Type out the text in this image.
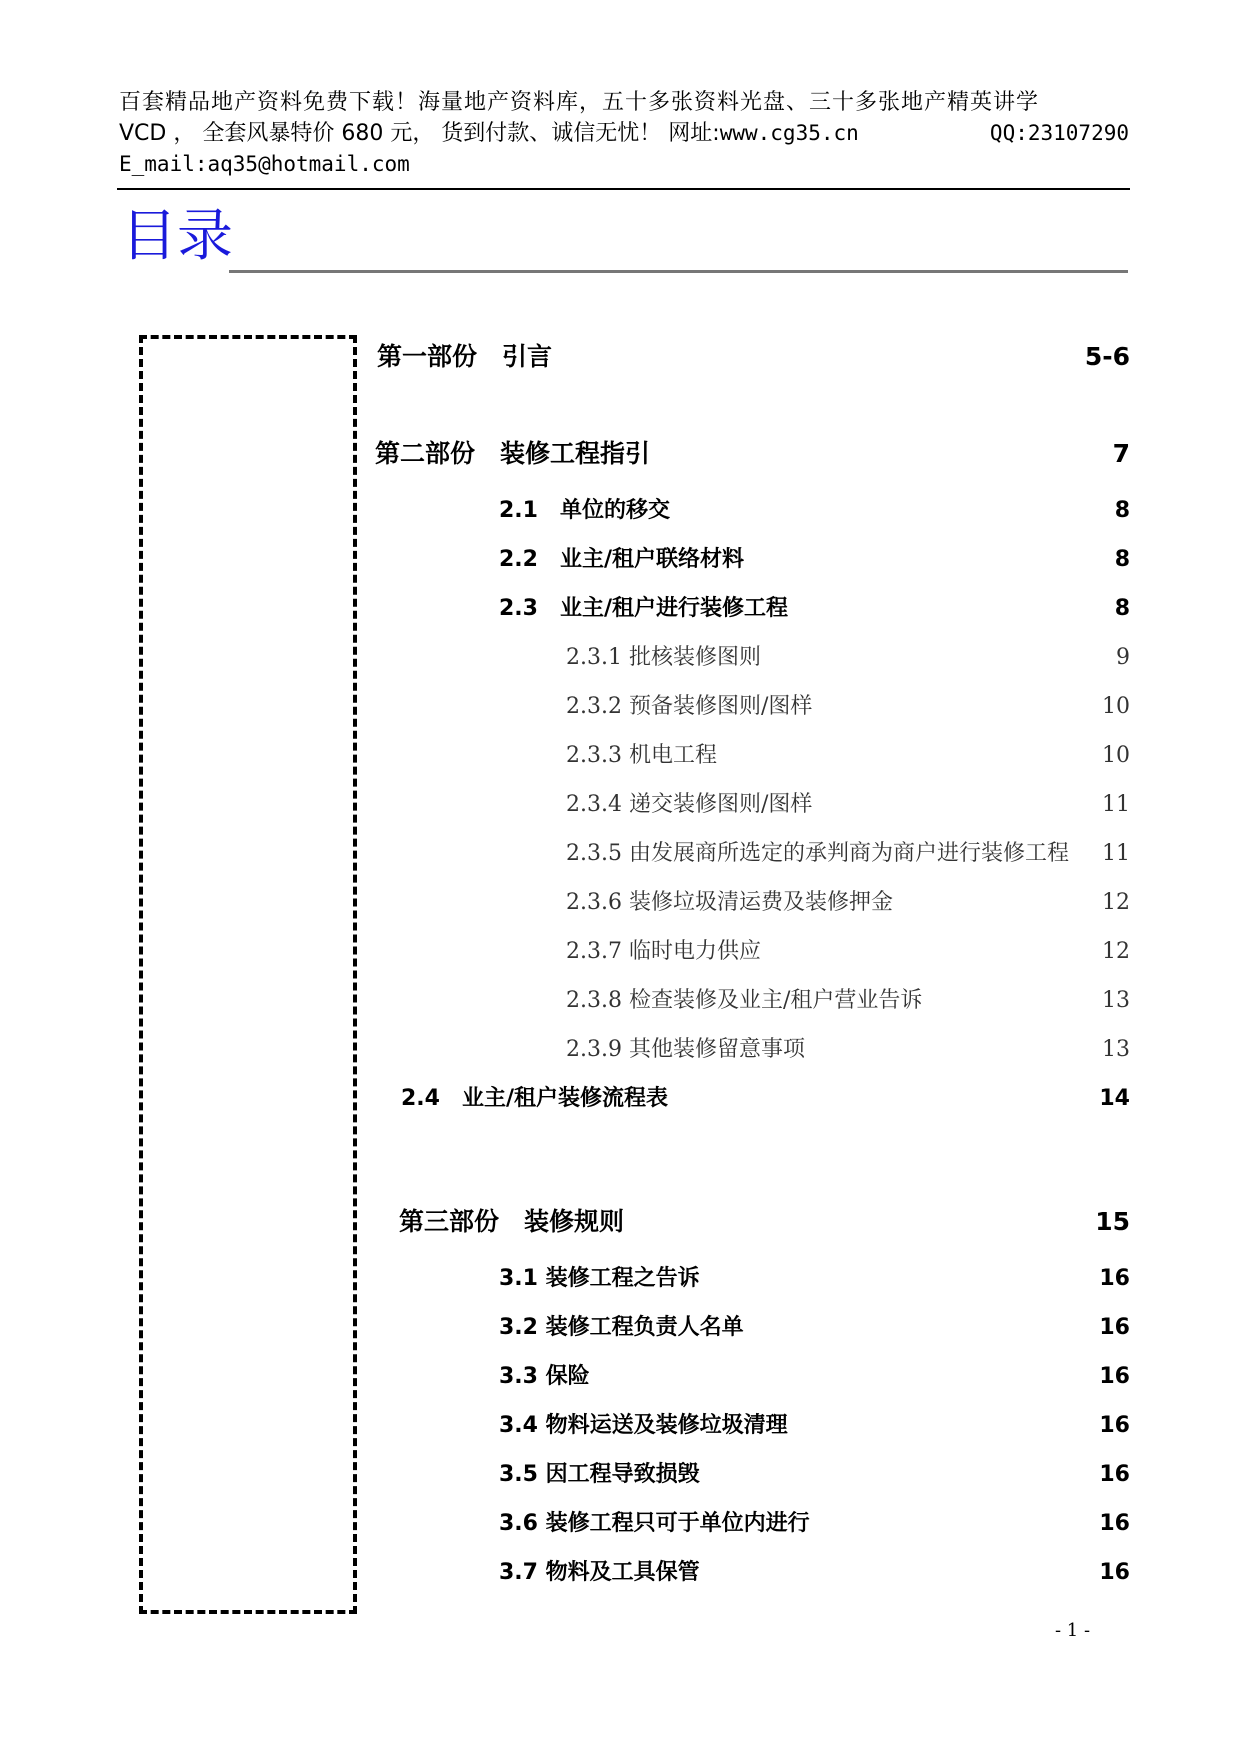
百套精品地产资料免费下载！海量地产资料库，五十多张资料光盘、三十多张地产精英讲学
VCD ， 全套风暴特价 680 元， 货到付款、诚信无忧！ 网址:www.cg35.cn	QQ:23107290
E_mail:aq35@hotmail.com
目录
第一部份　引言	5-6
第二部份　装修工程指引	7
2.1　单位的移交	8
2.2　业主/租户联络材料	8
2.3　业主/租户进行装修工程	8
2.3.1 批核装修图则	9
2.3.2 预备装修图则/图样	10
2.3.3 机电工程	10
2.3.4 递交装修图则/图样	11
2.3.5 由发展商所选定的承判商为商户进行装修工程 11
2.3.6 装修垃圾清运费及装修押金	12
2.3.7 临时电力供应	12
2.3.8 检查装修及业主/租户营业告诉	13
2.3.9 其他装修留意事项	13
2.4　业主/租户装修流程表	14
第三部份　装修规则	15
3.1 装修工程之告诉	16
3.2 装修工程负责人名单	16
3.3 保险	16
3.4 物料运送及装修垃圾清理	16
3.5 因工程导致损毁	16
3.6 装修工程只可于单位内进行	16
3.7 物料及工具保管	16
- 1 -
